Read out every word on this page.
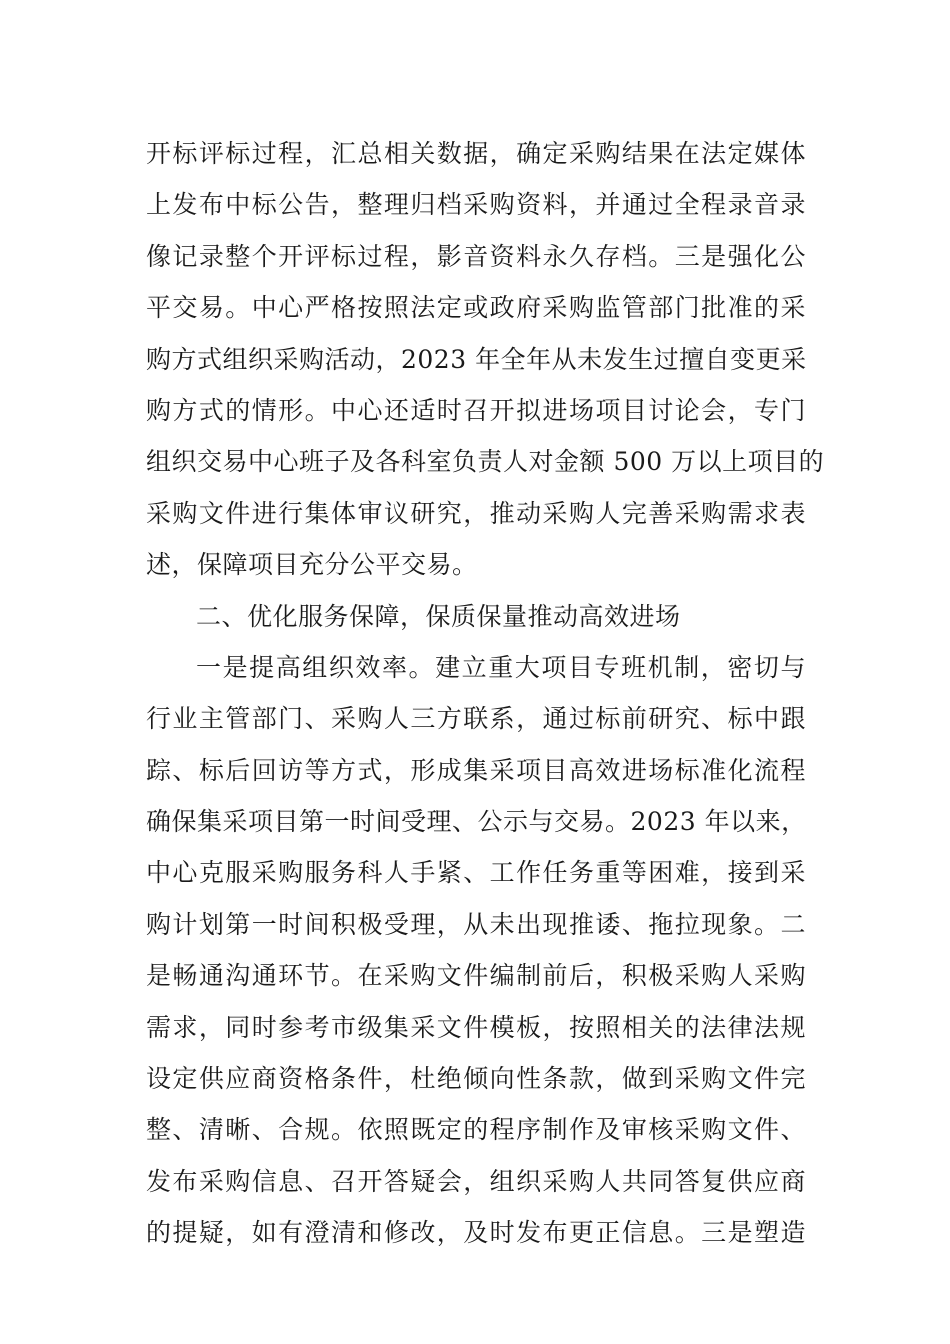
开标评标过程，汇总相关数据，确定采购结果在法定媒体
上发布中标公告，整理归档采购资料，并通过全程录音录
像记录整个开评标过程，影音资料永久存档。三是强化公
平交易。中心严格按照法定或政府采购监管部门批准的采
购方式组织采购活动，2023 年全年从未发生过擅自变更采
购方式的情形。中心还适时召开拟进场项目讨论会，专门
组织交易中心班子及各科室负责人对金额 500 万以上项目的
采购文件进行集体审议研究，推动采购人完善采购需求表
述，保障项目充分公平交易。
二、优化服务保障，保质保量推动高效进场
一是提高组织效率。建立重大项目专班机制，密切与
行业主管部门、采购人三方联系，通过标前研究、标中跟
踪、标后回访等方式，形成集采项目高效进场标准化流程
确保集采项目第一时间受理、公示与交易。2023 年以来，
中心克服采购服务科人手紧、工作任务重等困难，接到采
购计划第一时间积极受理，从未出现推诿、拖拉现象。二
是畅通沟通环节。在采购文件编制前后，积极采购人采购
需求，同时参考市级集采文件模板，按照相关的法律法规
设定供应商资格条件，杜绝倾向性条款，做到采购文件完
整、清晰、合规。依照既定的程序制作及审核采购文件、
发布采购信息、召开答疑会，组织采购人共同答复供应商
的提疑，如有澄清和修改，及时发布更正信息。三是塑造
